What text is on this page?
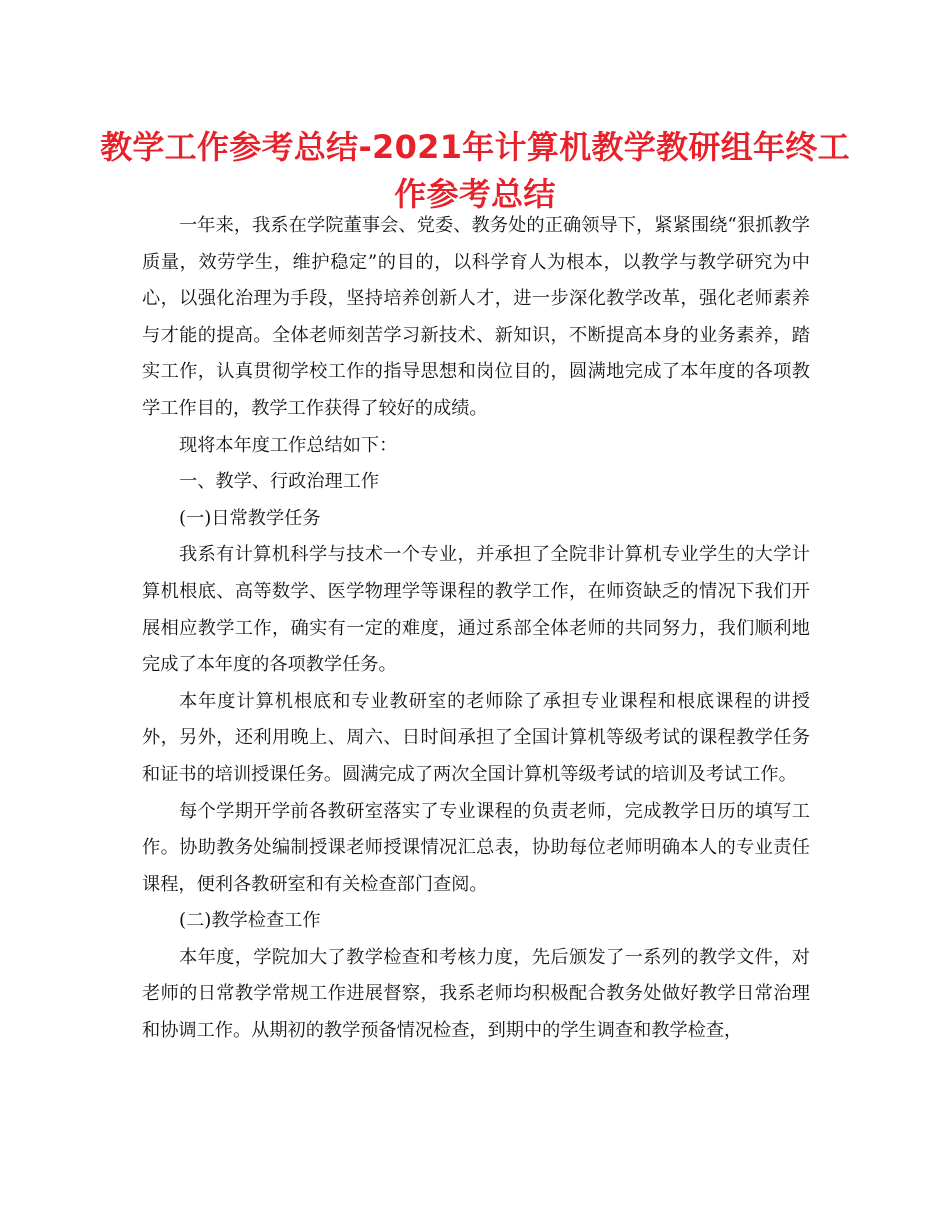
教学工作参考总结-2021年计算机教学教研组年终工作参考总结

一年来，我系在学院董事会、党委、教务处的正确领导下，紧紧围绕“狠抓教学质量，效劳学生，维护稳定”的目的，以科学育人为根本，以教学与教学研究为中心，以强化治理为手段，坚持培养创新人才，进一步深化教学改革，强化老师素养与才能的提高。全体老师刻苦学习新技术、新知识，不断提高本身的业务素养，踏实工作，认真贯彻学校工作的指导思想和岗位目的，圆满地完成了本年度的各项教学工作目的，教学工作获得了较好的成绩。

现将本年度工作总结如下：

一、教学、行政治理工作

(一)日常教学任务

我系有计算机科学与技术一个专业，并承担了全院非计算机专业学生的大学计算机根底、高等数学、医学物理学等课程的教学工作，在师资缺乏的情况下我们开展相应教学工作，确实有一定的难度，通过系部全体老师的共同努力，我们顺利地完成了本年度的各项教学任务。

本年度计算机根底和专业教研室的老师除了承担专业课程和根底课程的讲授外，另外，还利用晚上、周六、日时间承担了全国计算机等级考试的课程教学任务和证书的培训授课任务。圆满完成了两次全国计算机等级考试的培训及考试工作。

每个学期开学前各教研室落实了专业课程的负责老师，完成教学日历的填写工作。协助教务处编制授课老师授课情况汇总表，协助每位老师明确本人的专业责任课程，便利各教研室和有关检查部门查阅。

(二)教学检查工作

本年度，学院加大了教学检查和考核力度，先后颁发了一系列的教学文件，对老师的日常教学常规工作进展督察，我系老师均积极配合教务处做好教学日常治理和协调工作。从期初的教学预备情况检查，到期中的学生调查和教学检查，
